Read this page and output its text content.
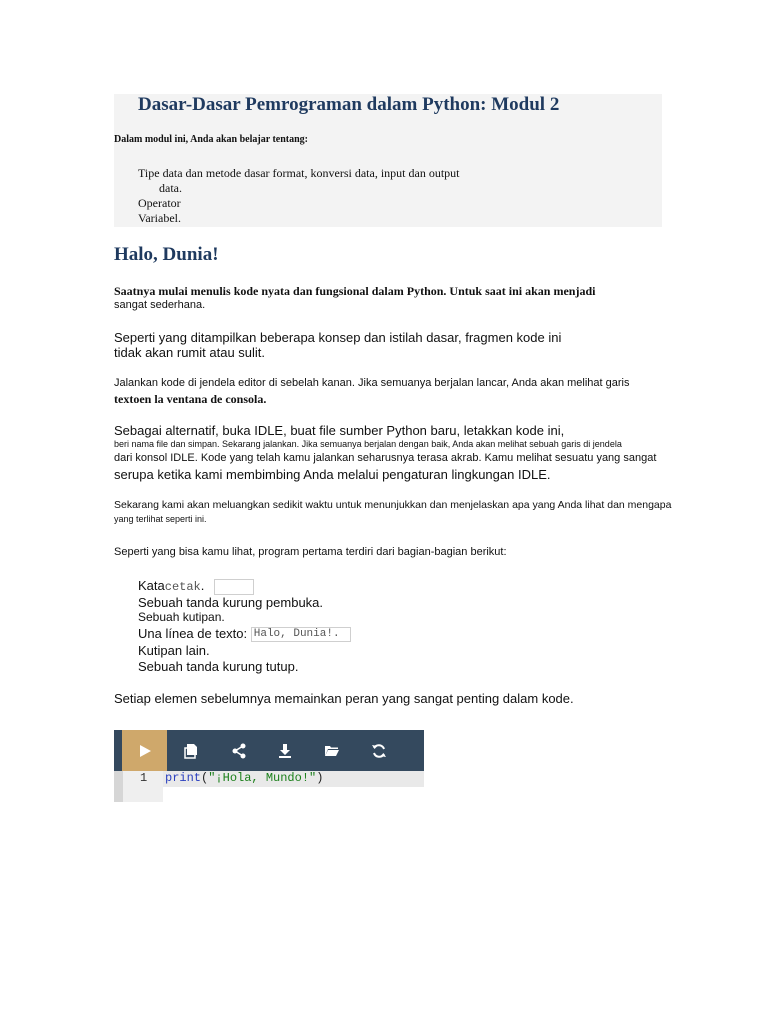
Dasar-Dasar Pemrograman dalam Python: Modul 2
Dalam modul ini, Anda akan belajar tentang:
Tipe data dan metode dasar format, konversi data, input dan output
data.
Operator
Variabel.
Halo, Dunia!
Saatnya mulai menulis kode nyata dan fungsional dalam Python. Untuk saat ini akan menjadi
sangat sederhana.
Seperti yang ditampilkan beberapa konsep dan istilah dasar, fragmen kode ini
tidak akan rumit atau sulit.
Jalankan kode di jendela editor di sebelah kanan. Jika semuanya berjalan lancar, Anda akan melihat garis
textoen la ventana de consola.
Sebagai alternatif, buka IDLE, buat file sumber Python baru, letakkan kode ini,
beri nama file dan simpan. Sekarang jalankan. Jika semuanya berjalan dengan baik, Anda akan melihat sebuah garis di jendela
dari konsol IDLE. Kode yang telah kamu jalankan seharusnya terasa akrab. Kamu melihat sesuatu yang sangat
serupa ketika kami membimbing Anda melalui pengaturan lingkungan IDLE.
Sekarang kami akan meluangkan sedikit waktu untuk menunjukkan dan menjelaskan apa yang Anda lihat dan mengapa
yang terlihat seperti ini.
Seperti yang bisa kamu lihat, program pertama terdiri dari bagian-bagian berikut:
Katacetak.
Sebuah tanda kurung pembuka.
Sebuah kutipan.
Una línea de texto: Halo, Dunia!.
Kutipan lain.
Sebuah tanda kurung tutup.
Setiap elemen sebelumnya memainkan peran yang sangat penting dalam kode.
1 print("¡Hola, Mundo!")
